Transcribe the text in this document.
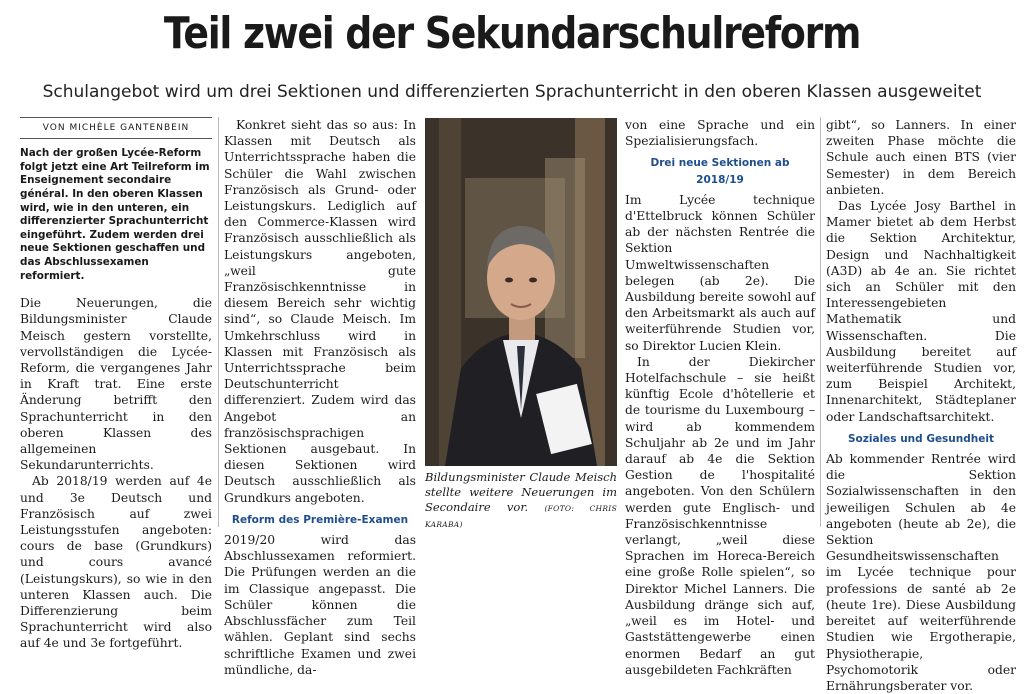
Teil zwei der Sekundarschulreform
Schulangebot wird um drei Sektionen und differenzierten Sprachunterricht in den oberen Klassen ausgeweitet
VON MICHÈLE GANTENBEIN

Nach der großen Lycée-Reform folgt jetzt eine Art Teilreform im Enseignement secondaire général. In den oberen Klassen wird, wie in den unteren, ein differenzierter Sprachunterricht eingeführt. Zudem werden drei neue Sektionen geschaffen und das Abschlussexamen reformiert.

Die Neuerungen, die Bildungsminister Claude Meisch gestern vorstellte, vervollständigen die Lycée-Reform, die vergangenes Jahr in Kraft trat. Eine erste Änderung betrifft den Sprachunterricht in den oberen Klassen des allgemeinen Sekundarunterrichts.

Ab 2018/19 werden auf 4e und 3e Deutsch und Französisch auf zwei Leistungsstufen angeboten: cours de base (Grundkurs) und cours avancé (Leistungskurs), so wie in den unteren Klassen auch. Die Differenzierung beim Sprachunterricht wird also auf 4e und 3e fortgeführt.

Konkret sieht das so aus: In Klassen mit Deutsch als Unterrichtssprache haben die Schüler die Wahl zwischen Französisch als Grund- oder Leistungskurs. Lediglich auf den Commerce-Klassen wird Französisch ausschließlich als Leistungskurs angeboten, „weil gute Französischkenntnisse in diesem Bereich sehr wichtig sind“, so Claude Meisch. Im Umkehrschluss wird in Klassen mit Französisch als Unterrichtssprache beim Deutschunterricht differenziert. Zudem wird das Angebot an französischsprachigen Sektionen ausgebaut. In diesen Sektionen wird Deutsch ausschließlich als Grundkurs angeboten.

Reform des Première-Examen

2019/20 wird das Abschlussexamen reformiert. Die Prüfungen werden an die im Classique angepasst. Die Schüler können die Abschlussfächer zum Teil wählen. Geplant sind sechs schriftliche Examen und zwei mündliche, da-

Bildungsminister Claude Meisch stellte weitere Neuerungen im Secondaire vor. (FOTO: CHRIS KARABA)

von eine Sprache und ein Spezialisierungsfach.

Drei neue Sektionen ab 2018/19

Im Lycée technique d'Ettelbruck können Schüler ab der nächsten Rentrée die Sektion Umweltwissenschaften belegen (ab 2e). Die Ausbildung bereite sowohl auf den Arbeitsmarkt als auch auf weiterführende Studien vor, so Direktor Lucien Klein.

In der Diekircher Hotelfachschule – sie heißt künftig Ecole d'hôtellerie et de tourisme du Luxembourg – wird ab kommendem Schuljahr ab 2e und im Jahr darauf ab 4e die Sektion Gestion de l'hospitalité angeboten. Von den Schülern werden gute Englisch- und Französischkenntnisse verlangt, „weil diese Sprachen im Horeca-Bereich eine große Rolle spielen“, so Direktor Michel Lanners. Die Ausbildung dränge sich auf, „weil es im Hotel- und Gaststättengewerbe einen enormen Bedarf an gut ausgebildeten Fachkräften

gibt“, so Lanners. In einer zweiten Phase möchte die Schule auch einen BTS (vier Semester) in dem Bereich anbieten.

Das Lycée Josy Barthel in Mamer bietet ab dem Herbst die Sektion Architektur, Design und Nachhaltigkeit (A3D) ab 4e an. Sie richtet sich an Schüler mit den Interessengebieten Mathematik und Wissenschaften. Die Ausbildung bereitet auf weiterführende Studien vor, zum Beispiel Architekt, Innenarchitekt, Städteplaner oder Landschaftsarchitekt.

Soziales und Gesundheit

Ab kommender Rentrée wird die Sektion Sozialwissenschaften in den jeweiligen Schulen ab 4e angeboten (heute ab 2e), die Sektion Gesundheitswissenschaften im Lycée technique pour professions de santé ab 2e (heute 1re). Diese Ausbildung bereitet auf weiterführende Studien wie Ergotherapie, Physiotherapie, Psychomotorik oder Ernährungsberater vor.
